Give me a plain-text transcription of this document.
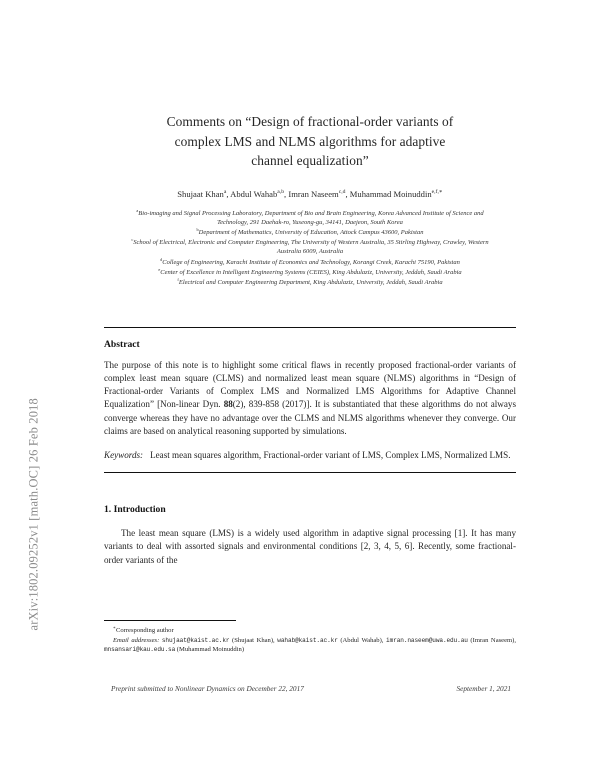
arXiv:1802.09252v1 [math.OC] 26 Feb 2018
Comments on “Design of fractional-order variants of
complex LMS and NLMS algorithms for adaptive
channel equalization”
Shujaat Khan$^a$, Abdul Wahab$^{a,b}$, Imran Naseem$^{c,d}$, Muhammad Moinuddin$^{e,f,∗}$
$^a$Bio-imaging and Signal Processing Laboratory, Department of Bio and Brain Engineering, Korea Advanced Institute of Science and Technology, 291 Daehak-ro, Yuseong-gu, 34141, Daejeon, South Korea
$^b$Department of Mathematics, University of Education, Attock Campus 43600, Pakistan
$^c$School of Electrical, Electronic and Computer Engineering, The University of Western Australia, 35 Stirling Highway, Crawley, Western Australia 6009, Australia
$^d$College of Engineering, Karachi Institute of Economics and Technology, Korangi Creek, Karachi 75190, Pakistan
$^e$Center of Excellence in Intelligent Engineering Systems (CEIES), King Abdulaziz, University, Jeddah, Saudi Arabia
$^f$Electrical and Computer Engineering Department, King Abdulaziz, University, Jeddah, Saudi Arabia
Abstract

The purpose of this note is to highlight some critical flaws in recently proposed fractional-order variants of complex least mean square (CLMS) and normalized least mean square (NLMS) algorithms in “Design of Fractional-order Variants of Complex LMS and Normalized LMS Algorithms for Adaptive Channel Equalization” [Non-linear Dyn. 88(2), 839-858 (2017)]. It is substantiated that these algorithms do not always converge whereas they have no advantage over the CLMS and NLMS algorithms whenever they converge. Our claims are based on analytical reasoning supported by simulations.

Keywords: Least mean squares algorithm, Fractional-order variant of LMS, Complex LMS, Normalized LMS.
1. Introduction

The least mean square (LMS) is a widely used algorithm in adaptive signal processing [1]. It has many variants to deal with assorted signals and environmental conditions [2, 3, 4, 5, 6]. Recently, some fractional-order variants of the

∗Corresponding author
Email addresses: shujaat@kaist.ac.kr (Shujaat Khan), wahab@kaist.ac.kr (Abdul Wahab), imran.naseem@uwa.edu.au (Imran Naseem), mnsansari@kau.edu.sa (Muhammad Moinuddin)
Preprint submitted to Nonlinear Dynamics on December 22, 2017	September 1, 2021
